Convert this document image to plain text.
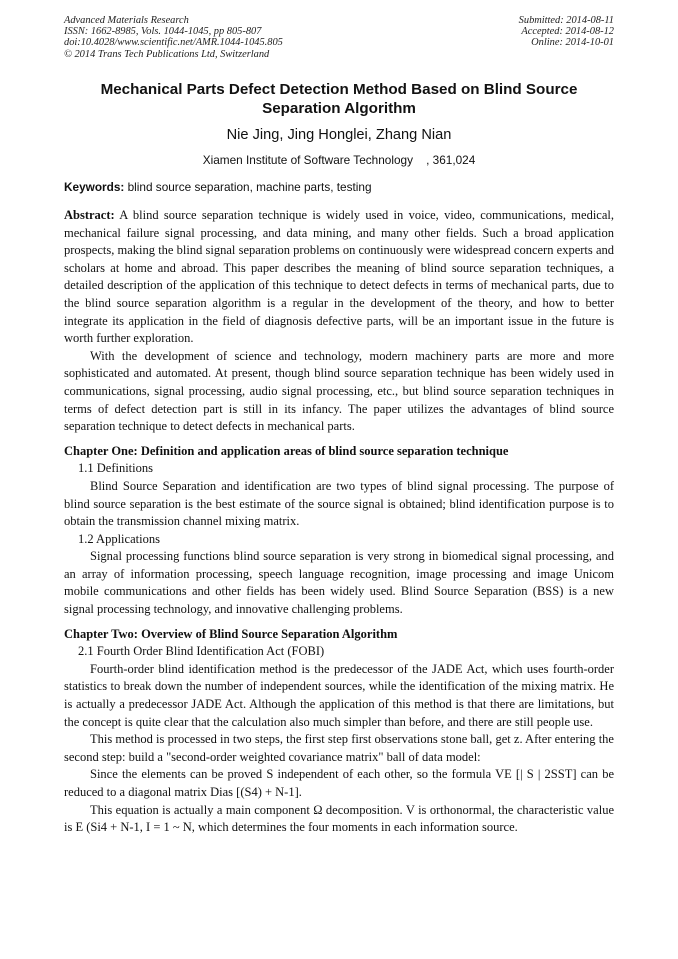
Advanced Materials Research
ISSN: 1662-8985, Vols. 1044-1045, pp 805-807
doi:10.4028/www.scientific.net/AMR.1044-1045.805
© 2014 Trans Tech Publications Ltd, Switzerland
Submitted: 2014-08-11
Accepted: 2014-08-12
Online: 2014-10-01
Mechanical Parts Defect Detection Method Based on Blind Source Separation Algorithm
Nie Jing, Jing Honglei, Zhang Nian
Xiamen Institute of Software Technology    , 361,024
Keywords: blind source separation, machine parts, testing

Abstract: A blind source separation technique is widely used in voice, video, communications, medical, mechanical failure signal processing, and data mining, and many other fields. Such a broad application prospects, making the blind signal separation problems on continuously were widespread concern experts and scholars at home and abroad. This paper describes the meaning of blind source separation techniques, a detailed description of the application of this technique to detect defects in terms of mechanical parts, due to the blind source separation algorithm is a regular in the development of the theory, and how to better integrate its application in the field of diagnosis defective parts, will be an important issue in the future is worth further exploration.

With the development of science and technology, modern machinery parts are more and more sophisticated and automated. At present, though blind source separation technique has been widely used in communications, signal processing, audio signal processing, etc., but blind source separation techniques in terms of defect detection part is still in its infancy. The paper utilizes the advantages of blind source separation technique to detect defects in mechanical parts.

Chapter One: Definition and application areas of blind source separation technique

1.1 Definitions

Blind Source Separation and identification are two types of blind signal processing. The purpose of blind source separation is the best estimate of the source signal is obtained; blind identification purpose is to obtain the transmission channel mixing matrix.

1.2 Applications

Signal processing functions blind source separation is very strong in biomedical signal processing, and an array of information processing, speech language recognition, image processing and image Unicom mobile communications and other fields has been widely used. Blind Source Separation (BSS) is a new signal processing technology, and innovative challenging problems.

Chapter Two: Overview of Blind Source Separation Algorithm

2.1 Fourth Order Blind Identification Act (FOBI)

Fourth-order blind identification method is the predecessor of the JADE Act, which uses fourth-order statistics to break down the number of independent sources, while the identification of the mixing matrix. He is actually a predecessor JADE Act. Although the application of this method is that there are limitations, but the concept is quite clear that the calculation also much simpler than before, and there are still people use.

This method is processed in two steps, the first step first observations stone ball, get z. After entering the second step: build a "second-order weighted covariance matrix" ball of data model:

Since the elements can be proved S independent of each other, so the formula VE [| S | 2SST] can be reduced to a diagonal matrix Dias [(S4) + N-1].

This equation is actually a main component Ω decomposition. V is orthonormal, the characteristic value is E (Si4 + N-1, I = 1 ~ N, which determines the four moments in each information source.
